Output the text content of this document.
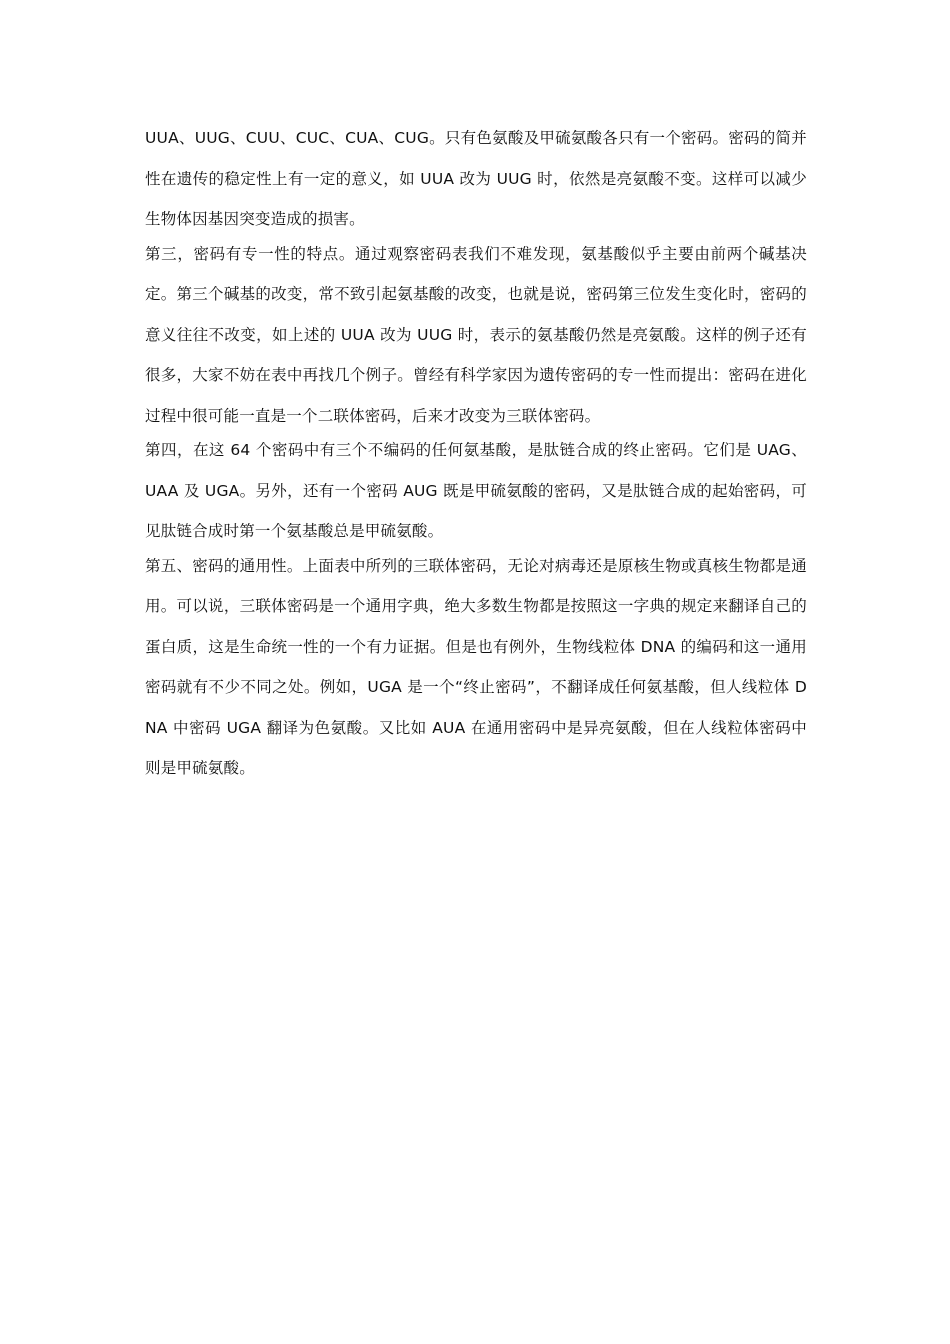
UUA、UUG、CUU、CUC、CUA、CUG。只有色氨酸及甲硫氨酸各只有一个密码。密码的简并性在遗传的稳定性上有一定的意义，如 UUA 改为 UUG 时，依然是亮氨酸不变。这样可以减少生物体因基因突变造成的损害。

第三，密码有专一性的特点。通过观察密码表我们不难发现，氨基酸似乎主要由前两个碱基决定。第三个碱基的改变，常不致引起氨基酸的改变，也就是说，密码第三位发生变化时，密码的意义往往不改变，如上述的 UUA 改为 UUG 时，表示的氨基酸仍然是亮氨酸。这样的例子还有很多，大家不妨在表中再找几个例子。曾经有科学家因为遗传密码的专一性而提出：密码在进化过程中很可能一直是一个二联体密码，后来才改变为三联体密码。

第四，在这 64 个密码中有三个不编码的任何氨基酸，是肽链合成的终止密码。它们是 UAG、UAA 及 UGA。另外，还有一个密码 AUG 既是甲硫氨酸的密码，又是肽链合成的起始密码，可见肽链合成时第一个氨基酸总是甲硫氨酸。

第五、密码的通用性。上面表中所列的三联体密码，无论对病毒还是原核生物或真核生物都是通用。可以说，三联体密码是一个通用字典，绝大多数生物都是按照这一字典的规定来翻译自己的蛋白质，这是生命统一性的一个有力证据。但是也有例外，生物线粒体 DNA 的编码和这一通用密码就有不少不同之处。例如，UGA 是一个“终止密码”，不翻译成任何氨基酸，但人线粒体 DNA 中密码 UGA 翻译为色氨酸。又比如 AUA 在通用密码中是异亮氨酸，但在人线粒体密码中则是甲硫氨酸。
